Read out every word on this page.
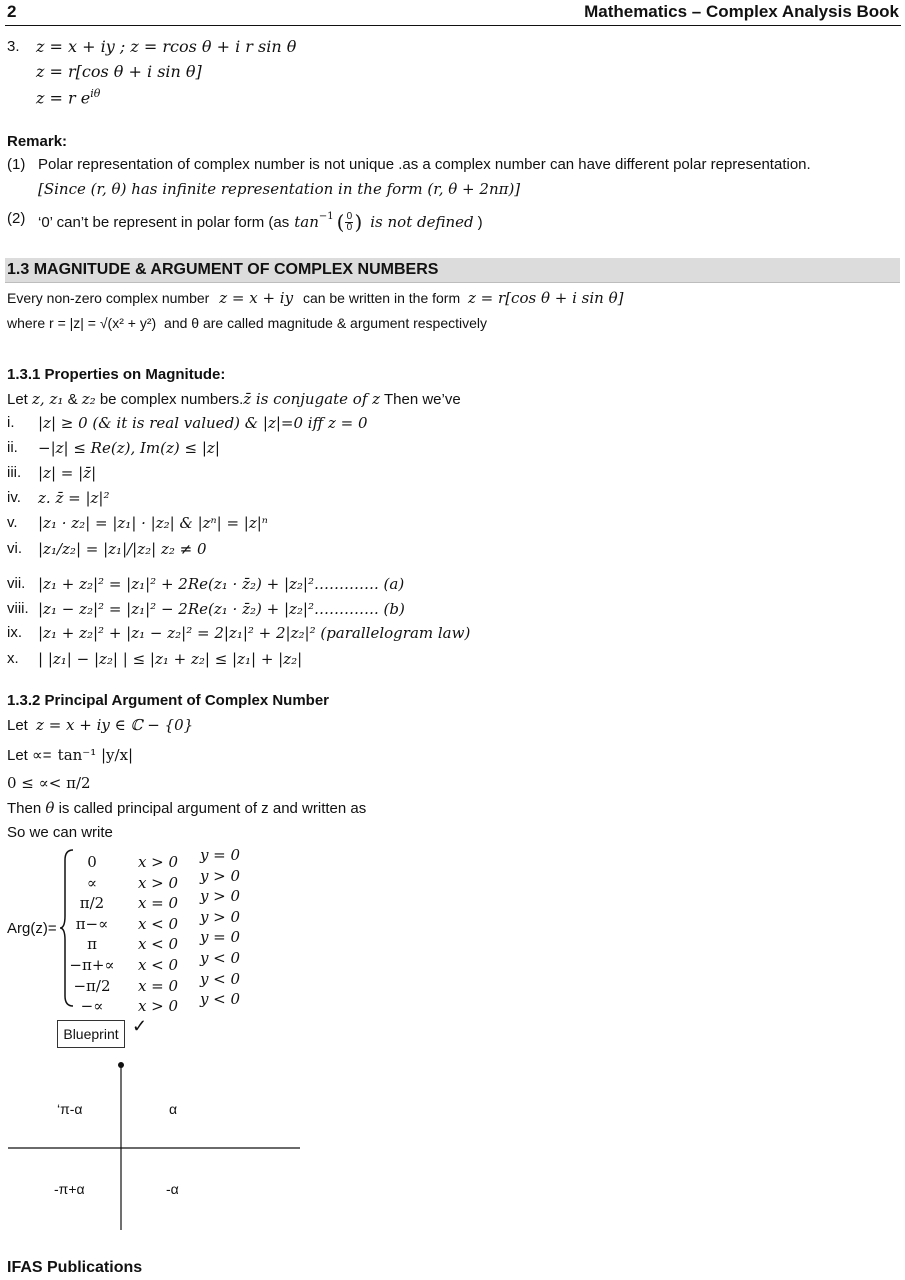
2	Mathematics – Complex Analysis Book
3. z = x + iy ; z = rcos θ + i r sin θ
z = r[cos θ + i sin θ]
z = r $e^{i\theta}$
Remark:
(1) Polar representation of complex number is not unique .as a complex number can have different polar representation.
[Since (r, θ) has infinite representation in the form (r, θ + 2nπ)]
(2) ‘0’ can’t be represent in polar form (as $\tan^{-1}$ ( 0
0 ) is not defined )
1.3 MAGNITUDE & ARGUMENT OF COMPLEX NUMBERS
Every non-zero complex number z = x + iy can be written in the form z = r[cos θ + i sin θ]
where r = |z| = √(x² + y²) and θ are called magnitude & argument respectively
1.3.1 Properties on Magnitude:
Let z, z₁ & z₂ be complex numbers.z̄ is conjugate of z Then we’ve
i. |z| ≥ 0 (& it is real valued) & |z|=0 iff z = 0
ii. −|z| ≤ Re(z), Im(z) ≤ |z|
iii. |z| = |z̄|
iv. z. z̄ = |z|²
v. |z₁ · z₂| = |z₁| · |z₂| & |zⁿ| = |z|ⁿ
vi. |z₁/z₂| = |z₁|/|z₂| z₂ ≠ 0
vii. |z₁ + z₂|² = |z₁|² + 2Re(z₁ · z̄₂) + |z₂|²…………. (a)
viii. |z₁ − z₂|² = |z₁|² − 2Re(z₁ · z̄₂) + |z₂|²…………. (b)
ix. |z₁ + z₂|² + |z₁ − z₂|² = 2|z₁|² + 2|z₂|² (parallelogram law)
x. | |z₁| − |z₂| | ≤ |z₁ + z₂| ≤ |z₁| + |z₂|
1.3.2 Principal Argument of Complex Number
Let z = x + iy ∈ ℂ − {0}
Let ∝= tan⁻¹ |y/x|
0 ≤ ∝< π/2
Then θ is called principal argument of z and written as
So we can write
Arg(z)=
0	x > 0	y = 0
∝	x > 0	y > 0
π/2	x = 0	y > 0
π−∝	x < 0	y > 0
π	x < 0	y = 0
−π+∝	x < 0	y < 0
−π/2	x = 0	y < 0
−∝	x > 0	y < 0
Blueprint ✓
‘π-α	α
-π+α	-α
IFAS Publications
